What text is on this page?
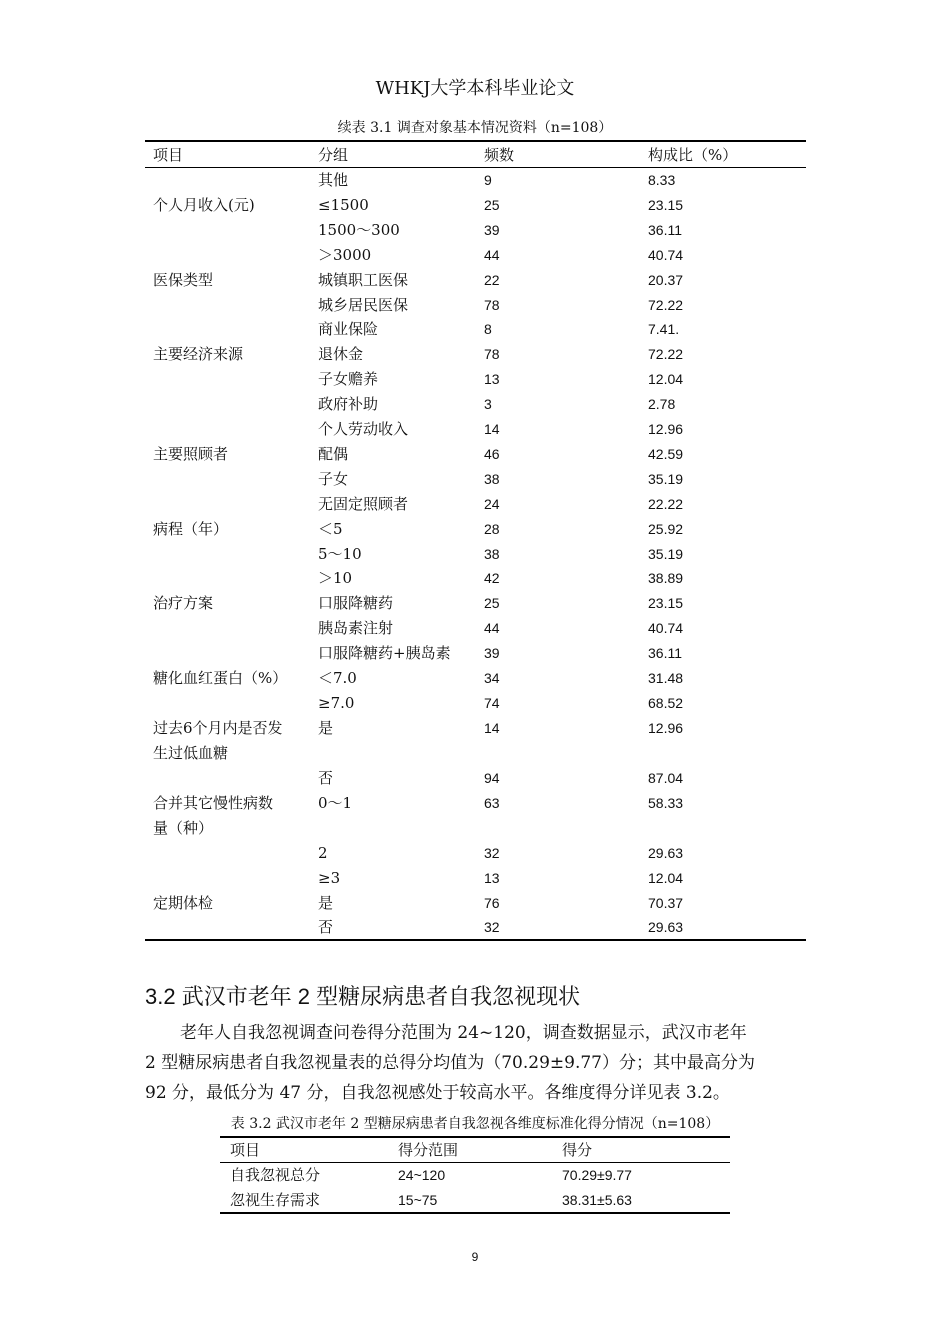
WHKJ大学本科毕业论文
续表 3.1 调查对象基本情况资料（n=108）
项目	分组	频数	构成比（%）
其他	9	8.33
个人月收入(元)	≤1500	25	23.15
1500～300	39	36.11
＞3000	44	40.74
医保类型	城镇职工医保	22	20.37
城乡居民医保	78	72.22
商业保险	8	7.41.
主要经济来源	退休金	78	72.22
子女赡养	13	12.04
政府补助	3	2.78
个人劳动收入	14	12.96
主要照顾者	配偶	46	42.59
子女	38	35.19
无固定照顾者	24	22.22
病程（年）	＜5	28	25.92
5～10	38	35.19
＞10	42	38.89
治疗方案	口服降糖药	25	23.15
胰岛素注射	44	40.74
口服降糖药+胰岛素 39	36.11
糖化血红蛋白（%） ＜7.0	34	31.48
≥7.0	74	68.52
过去6个月内是否发 是	14	12.96
生过低血糖
否	94	87.04
合并其它慢性病数	0～1	63	58.33
量（种）
2	32	29.63
≥3	13	12.04
定期体检	是	76	70.37
否	32	29.63
3.2 武汉市老年 2 型糖尿病患者自我忽视现状
老年人自我忽视调查问卷得分范围为 24~120，调查数据显示，武汉市老年
2 型糖尿病患者自我忽视量表的总得分均值为（70.29±9.77）分；其中最高分为
92 分，最低分为 47 分，自我忽视感处于较高水平。各维度得分详见表 3.2。
表 3.2 武汉市老年 2 型糖尿病患者自我忽视各维度标准化得分情况（n=108）
项目	得分范围	得分
自我忽视总分	24~120	70.29±9.77
忽视生存需求	15~75	38.31±5.63
9
